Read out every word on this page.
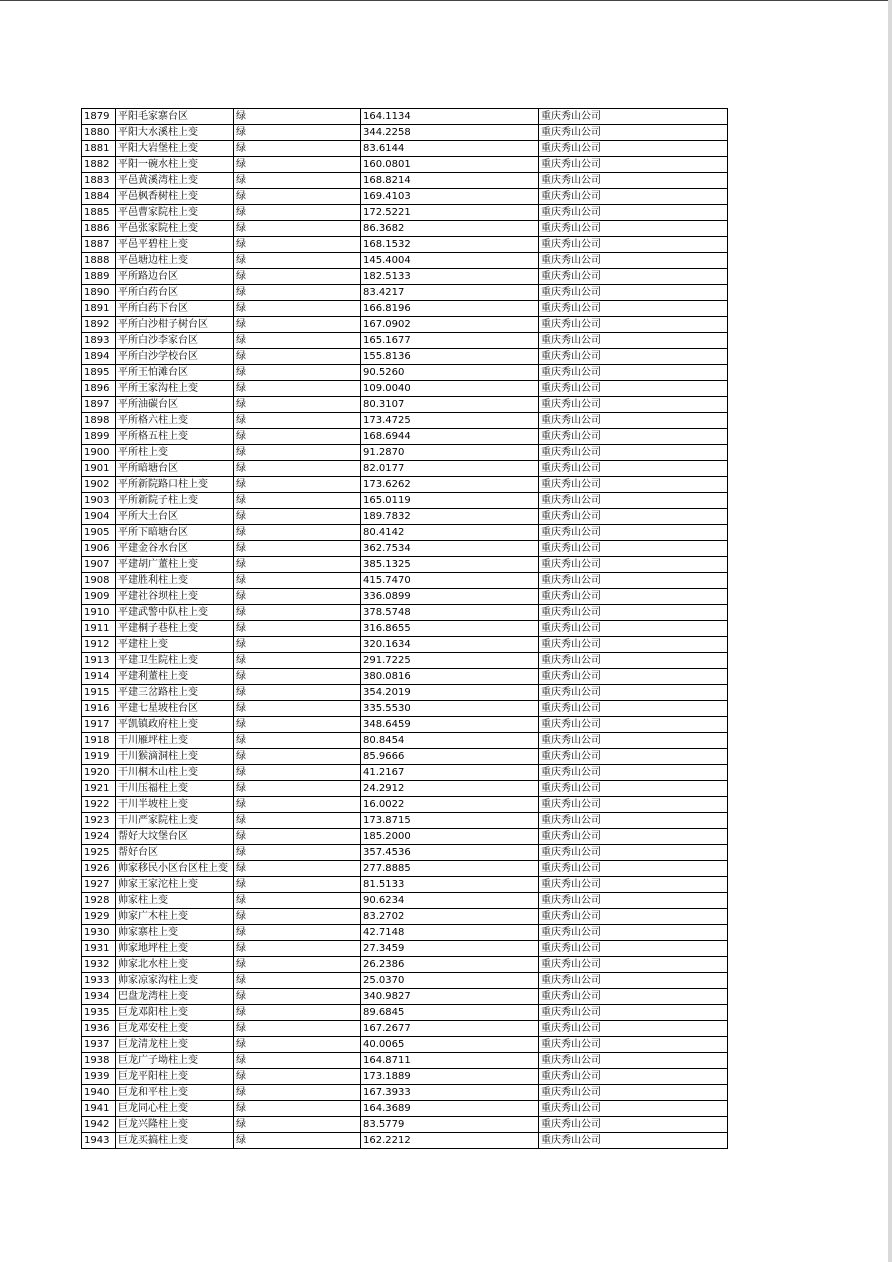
1879	平阳毛家寨台区	绿	164.1134	重庆秀山公司
1880	平阳大水溪柱上变	绿	344.2258	重庆秀山公司
1881	平阳大岩堡柱上变	绿	83.6144	重庆秀山公司
1882	平阳一碗水柱上变	绿	160.0801	重庆秀山公司
1883	平邑黄溪湾柱上变	绿	168.8214	重庆秀山公司
1884	平邑枫香树柱上变	绿	169.4103	重庆秀山公司
1885	平邑曹家院柱上变	绿	172.5221	重庆秀山公司
1886	平邑张家院柱上变	绿	86.3682	重庆秀山公司
1887	平邑平碧柱上变	绿	168.1532	重庆秀山公司
1888	平邑塘边柱上变	绿	145.4004	重庆秀山公司
1889	平所路边台区	绿	182.5133	重庆秀山公司
1890	平所白药台区	绿	83.4217	重庆秀山公司
1891	平所白药下台区	绿	166.8196	重庆秀山公司
1892	平所白沙柑子树台区	绿	167.0902	重庆秀山公司
1893	平所白沙李家台区	绿	165.1677	重庆秀山公司
1894	平所白沙学校台区	绿	155.8136	重庆秀山公司
1895	平所王怕滩台区	绿	90.5260	重庆秀山公司
1896	平所王家沟柱上变	绿	109.0040	重庆秀山公司
1897	平所油碳台区	绿	80.3107	重庆秀山公司
1898	平所格六柱上变	绿	173.4725	重庆秀山公司
1899	平所格五柱上变	绿	168.6944	重庆秀山公司
1900	平所柱上变	绿	91.2870	重庆秀山公司
1901	平所暗塘台区	绿	82.0177	重庆秀山公司
1902	平所新院路口柱上变	绿	173.6262	重庆秀山公司
1903	平所新院子柱上变	绿	165.0119	重庆秀山公司
1904	平所大土台区	绿	189.7832	重庆秀山公司
1905	平所下暗塘台区	绿	80.4142	重庆秀山公司
1906	平建金谷水台区	绿	362.7534	重庆秀山公司
1907	平建胡广董柱上变	绿	385.1325	重庆秀山公司
1908	平建胜利柱上变	绿	415.7470	重庆秀山公司
1909	平建社谷坝柱上变	绿	336.0899	重庆秀山公司
1910	平建武警中队柱上变	绿	378.5748	重庆秀山公司
1911	平建桐子巷柱上变	绿	316.8655	重庆秀山公司
1912	平建柱上变	绿	320.1634	重庆秀山公司
1913	平建卫生院柱上变	绿	291.7225	重庆秀山公司
1914	平建利董柱上变	绿	380.0816	重庆秀山公司
1915	平建三岔路柱上变	绿	354.2019	重庆秀山公司
1916	平建七星坡柱台区	绿	335.5530	重庆秀山公司
1917	平凯镇政府柱上变	绿	348.6459	重庆秀山公司
1918	干川雁坪柱上变	绿	80.8454	重庆秀山公司
1919	干川猴滴洞柱上变	绿	85.9666	重庆秀山公司
1920	干川桐木山柱上变	绿	41.2167	重庆秀山公司
1921	干川压福柱上变	绿	24.2912	重庆秀山公司
1922	干川半坡柱上变	绿	16.0022	重庆秀山公司
1923	干川严家院柱上变	绿	173.8715	重庆秀山公司
1924	帮好大坟堡台区	绿	185.2000	重庆秀山公司
1925	帮好台区	绿	357.4536	重庆秀山公司
1926	帅家移民小区台区柱上变	绿	277.8885	重庆秀山公司
1927	帅家王家沱柱上变	绿	81.5133	重庆秀山公司
1928	帅家柱上变	绿	90.6234	重庆秀山公司
1929	帅家广木柱上变	绿	83.2702	重庆秀山公司
1930	帅家寨柱上变	绿	42.7148	重庆秀山公司
1931	帅家地坪柱上变	绿	27.3459	重庆秀山公司
1932	帅家北水柱上变	绿	26.2386	重庆秀山公司
1933	帅家凉家沟柱上变	绿	25.0370	重庆秀山公司
1934	巴盘龙湾柱上变	绿	340.9827	重庆秀山公司
1935	巨龙邓阳柱上变	绿	89.6845	重庆秀山公司
1936	巨龙邓安柱上变	绿	167.2677	重庆秀山公司
1937	巨龙清龙柱上变	绿	40.0065	重庆秀山公司
1938	巨龙广子坳柱上变	绿	164.8711	重庆秀山公司
1939	巨龙平阳柱上变	绿	173.1889	重庆秀山公司
1940	巨龙和平柱上变	绿	167.3933	重庆秀山公司
1941	巨龙同心柱上变	绿	164.3689	重庆秀山公司
1942	巨龙兴隆柱上变	绿	83.5779	重庆秀山公司
1943	巨龙买搞柱上变	绿	162.2212	重庆秀山公司
